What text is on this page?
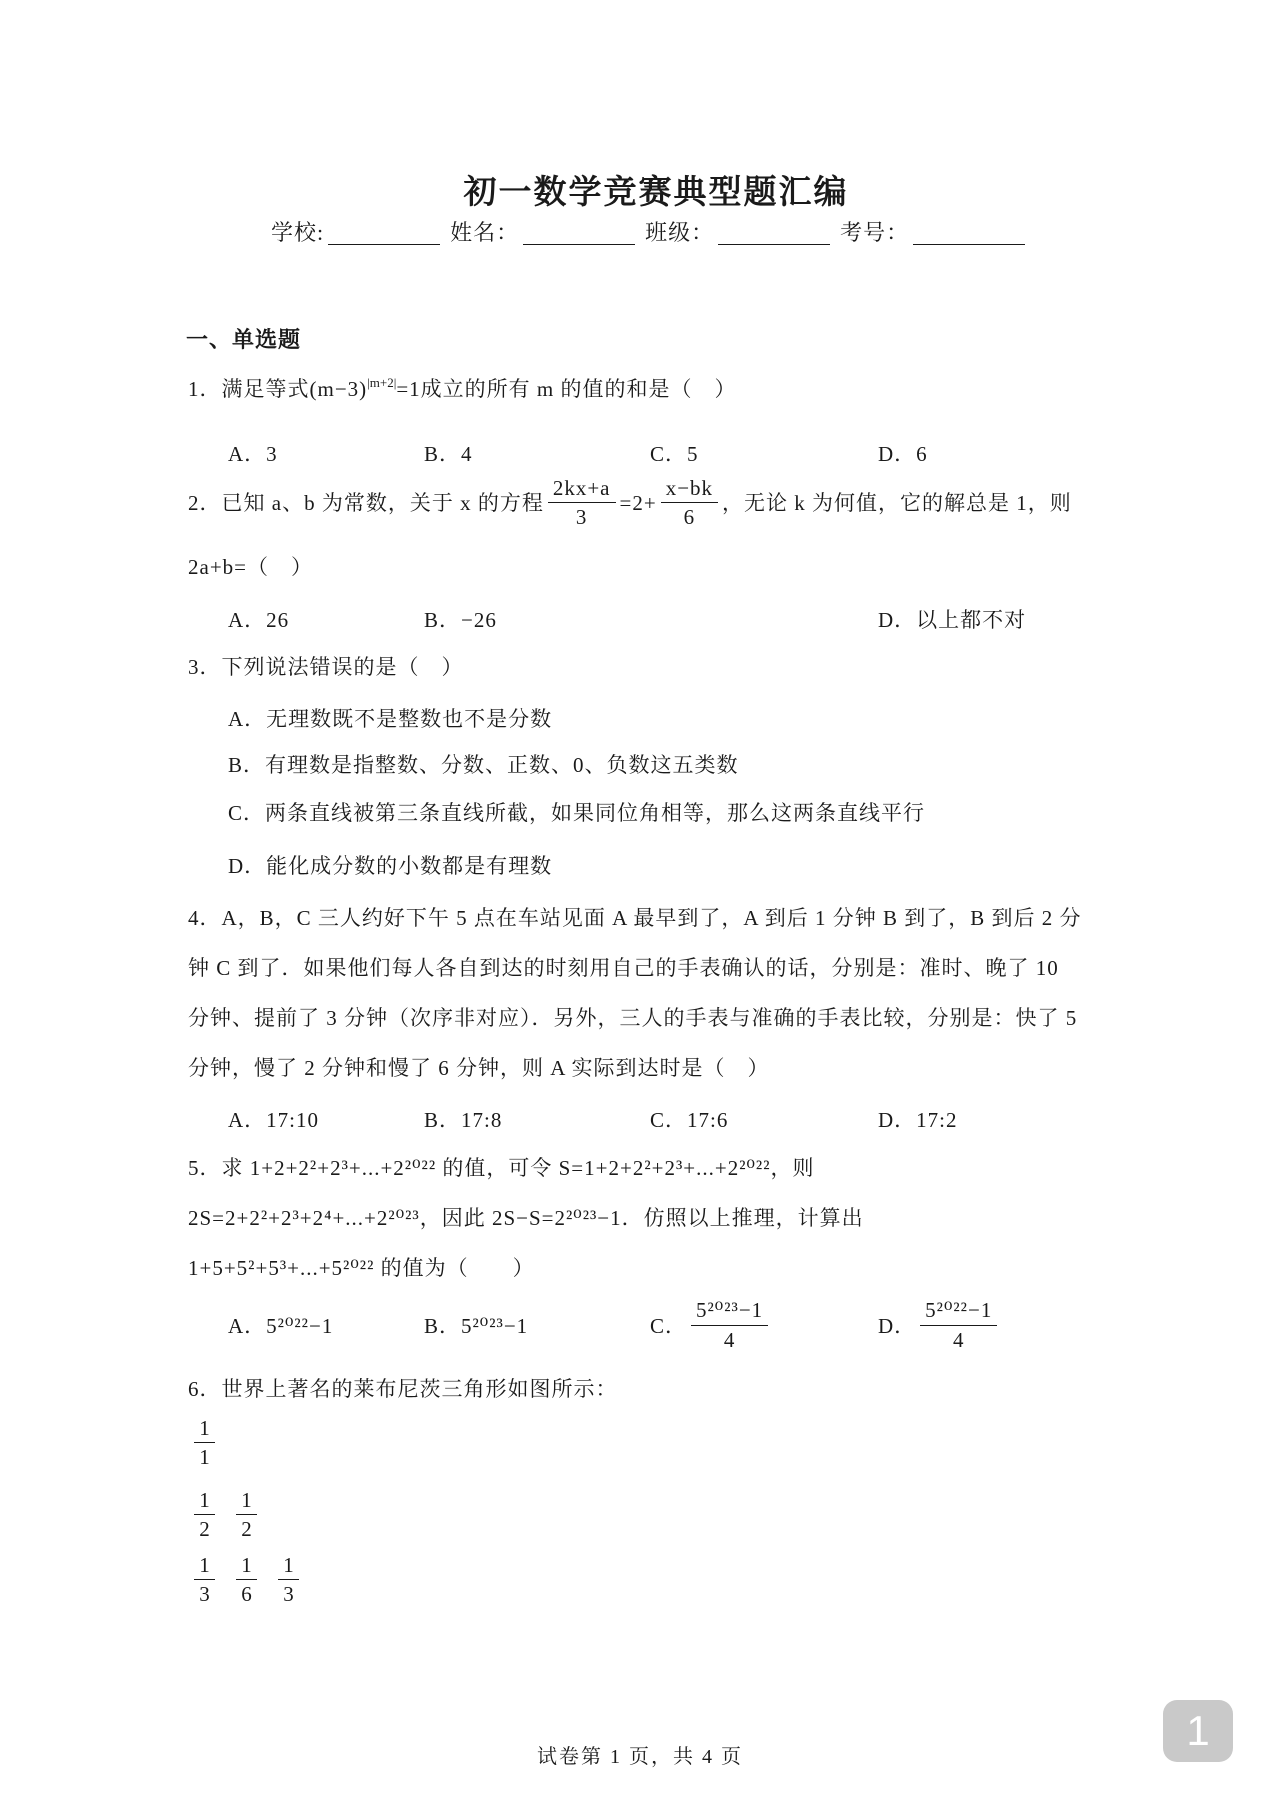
初一数学竞赛典型题汇编
学校:	姓名：	班级：	考号：
一、单选题
1．满足等式$(m-3)^{|m+2|}=1$成立的所有 m 的值的和是（　）
A．3	B．4	C．5	D．6
2．已知 a、b 为常数，关于 x 的方程 $\frac{2kx+a}{3} =2+ \frac{x-bk}{6}$ ，无论 k 为何值，它的解总是 1，则
2a+b=（　）
A．26	B．−26	D．以上都不对
3．下列说法错误的是（　）
A．无理数既不是整数也不是分数
B．有理数是指整数、分数、正数、0、负数这五类数
C．两条直线被第三条直线所截，如果同位角相等，那么这两条直线平行
D．能化成分数的小数都是有理数
4．A，B，C 三人约好下午 5 点在车站见面 A 最早到了，A 到后 1 分钟 B 到了，B 到后 2 分
钟 C 到了．如果他们每人各自到达的时刻用自己的手表确认的话，分别是：准时、晚了 10
分钟、提前了 3 分钟（次序非对应）．另外，三人的手表与准确的手表比较，分别是：快了 5
分钟，慢了 2 分钟和慢了 6 分钟，则 A 实际到达时是（　）
A．17:10	B．17:8	C．17:6	D．17:2
5．求 1+2+2²+2³+...+2²⁰²² 的值，可令 S=1+2+2²+2³+...+2²⁰²²，则
2S=2+2²+2³+2⁴+...+2²⁰²³，因此 2S−S=2²⁰²³−1．仿照以上推理，计算出
1+5+5²+5³+...+5²⁰²² 的值为（　　）
A．5²⁰²²−1	B．5²⁰²³−1	C． $\frac{\text{5²⁰²³−1}}{4}$	D． $\frac{\text{5²⁰²²−1}}{4}$
6．世界上著名的莱布尼茨三角形如图所示：
$\frac{1}{1}$
$\frac{1}{2} \frac{1}{2}$
$\frac{1}{3} \frac{1}{6} \frac{1}{3}$
试卷第 1 页，共 4 页
1
